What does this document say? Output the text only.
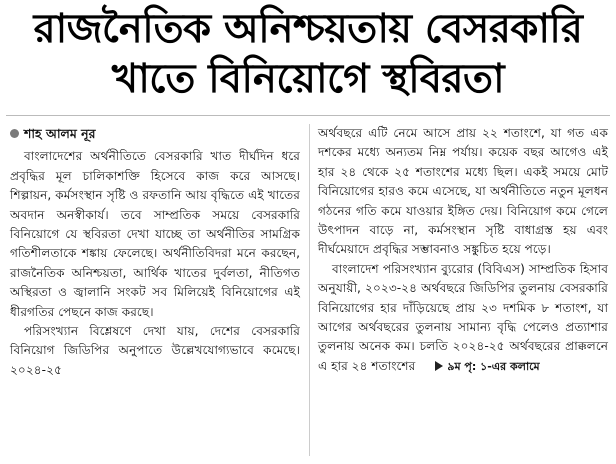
রাজনৈতিক অনিশ্চয়তায় বেসরকারি
খাতে বিনিয়োগে স্থবিরতা
শাহ আলম নূর

বাংলাদেশের অর্থনীতিতে বেসরকারি খাত দীর্ঘদিন ধরে প্রবৃদ্ধির মূল চালিকাশক্তি হিসেবে কাজ করে আসছে। শিল্পায়ন, কর্মসংস্থান সৃষ্টি ও রফতানি আয় বৃদ্ধিতে এই খাতের অবদান অনস্বীকার্য। তবে সাম্প্রতিক সময়ে বেসরকারি বিনিয়োগে যে স্থবিরতা দেখা যাচ্ছে তা অর্থনীতির সামগ্রিক গতিশীলতাকে শঙ্কায় ফেলেছে। অর্থনীতিবিদরা মনে করছেন, রাজনৈতিক অনিশ্চয়তা, আর্থিক খাতের দুর্বলতা, নীতিগত অস্থিরতা ও জ্বালানি সংকট সব মিলিয়েই বিনিয়োগের এই ধীরগতির পেছনে কাজ করছে।

পরিসংখ্যান বিশ্লেষণে দেখা যায়, দেশের বেসরকারি বিনিয়োগ জিডিপির অনুপাতে উল্লেখযোগ্যভাবে কমেছে। ২০২৪-২৫

অর্থবছরে এটি নেমে আসে প্রায় ২২ শতাংশে, যা গত এক দশকের মধ্যে অন্যতম নিম্ন পর্যায়। কয়েক বছর আগেও এই হার ২৪ থেকে ২৫ শতাংশের মধ্যে ছিল। একই সময়ে মোট বিনিয়োগের হারও কমে এসেছে, যা অর্থনীতিতে নতুন মূলধন গঠনের গতি কমে যাওয়ার ইঙ্গিত দেয়। বিনিয়োগ কমে গেলে উৎপাদন বাড়ে না, কর্মসংস্থান সৃষ্টি বাধাগ্রস্ত হয় এবং দীর্ঘমেয়াদে প্রবৃদ্ধির সম্ভাবনাও সঙ্কুচিত হয়ে পড়ে।

বাংলাদেশ পরিসংখ্যান ব্যুরোর (বিবিএস) সাম্প্রতিক হিসাব অনুযায়ী, ২০২৩-২৪ অর্থবছরে জিডিপির তুলনায় বেসরকারি বিনিয়োগের হার দাঁড়িয়েছে প্রায় ২৩ দশমিক ৮ শতাংশ, যা আগের অর্থবছরের তুলনায় সামান্য বৃদ্ধি পেলেও প্রত্যাশার তুলনায় অনেক কম। চলতি ২০২৪-২৫ অর্থবছরের প্রাক্কলনে এ হার ২৪ শতাংশের	৯ম পৃ: ১-এর কলামে
